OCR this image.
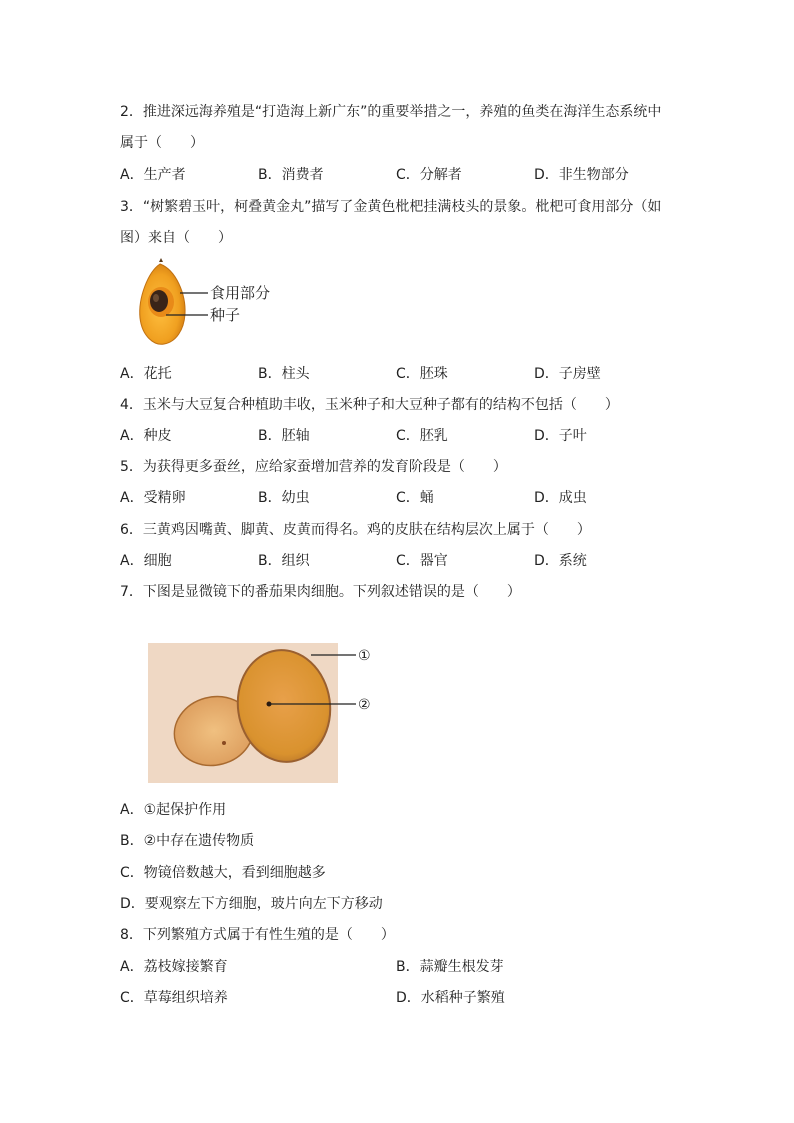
2．推进深远海养殖是“打造海上新广东”的重要举措之一，养殖的鱼类在海洋生态系统中
属于（　　）
A．生产者	B．消费者	C．分解者	D．非生物部分
3．“树繁碧玉叶，柯叠黄金丸”描写了金黄色枇杷挂满枝头的景象。枇杷可食用部分（如
图）来自（　　）
食用部分
种子
A．花托	B．柱头	C．胚珠	D．子房壁
4．玉米与大豆复合种植助丰收，玉米种子和大豆种子都有的结构不包括（　　）
A．种皮	B．胚轴	C．胚乳	D．子叶
5．为获得更多蚕丝，应给家蚕增加营养的发育阶段是（　　）
A．受精卵	B．幼虫	C．蛹	D．成虫
6．三黄鸡因嘴黄、脚黄、皮黄而得名。鸡的皮肤在结构层次上属于（　　）
A．细胞	B．组织	C．器官	D．系统
7．下图是显微镜下的番茄果肉细胞。下列叙述错误的是（　　）
①
②
A．①起保护作用
B．②中存在遗传物质
C．物镜倍数越大，看到细胞越多
D．要观察左下方细胞，玻片向左下方移动
8．下列繁殖方式属于有性生殖的是（　　）
A．荔枝嫁接繁育	B．蒜瓣生根发芽
C．草莓组织培养	D．水稻种子繁殖
